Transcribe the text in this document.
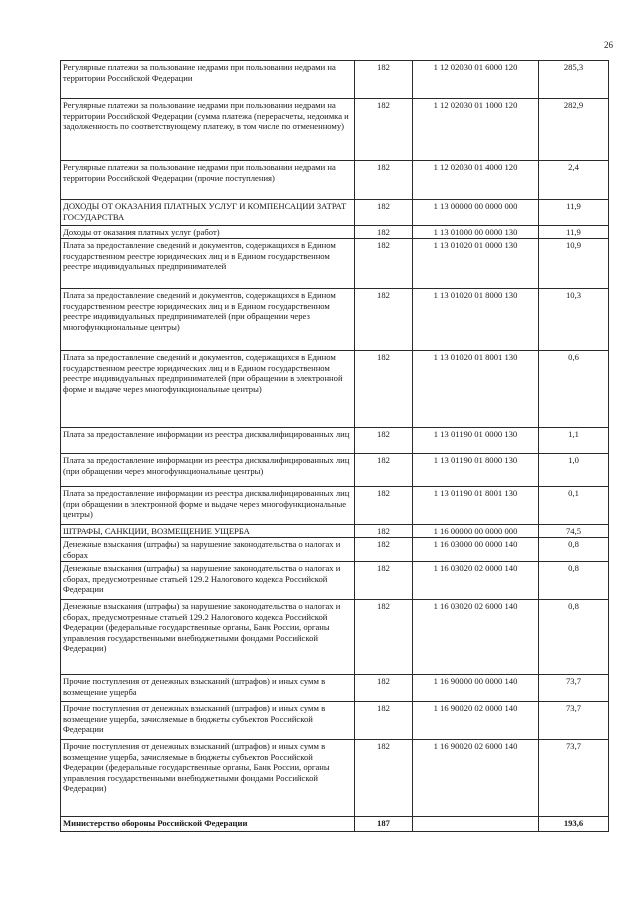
26
Регулярные платежи за пользование недрами при пользовании недрами на территории Российской Федерации	182	1 12 02030 01 6000 120	285,3
Регулярные платежи за пользование недрами при пользовании недрами на территории Российской Федерации (сумма платежа (перерасчеты, недоимка и задолженность по соответствующему платежу, в том числе по отмененному)	182	1 12 02030 01 1000 120	282,9
Регулярные платежи за пользование недрами при пользовании недрами на территории Российской Федерации (прочие поступления)	182	1 12 02030 01 4000 120	2,4
ДОХОДЫ ОТ ОКАЗАНИЯ ПЛАТНЫХ УСЛУГ И КОМПЕНСАЦИИ ЗАТРАТ ГОСУДАРСТВА	182	1 13 00000 00 0000 000	11,9
Доходы от оказания платных услуг (работ)	182	1 13 01000 00 0000 130	11,9
Плата за предоставление сведений и документов, содержащихся в Едином государственном реестре юридических лиц и в Едином государственном реестре индивидуальных предпринимателей	182	1 13 01020 01 0000 130	10,9
Плата за предоставление сведений и документов, содержащихся в Едином государственном реестре юридических лиц и в Едином государственном реестре индивидуальных предпринимателей (при обращении через многофункциональные центры)	182	1 13 01020 01 8000 130	10,3
Плата за предоставление сведений и документов, содержащихся в Едином государственном реестре юридических лиц и в Едином государственном реестре индивидуальных предпринимателей (при обращении в электронной форме и выдаче через многофункциональные центры)	182	1 13 01020 01 8001 130	0,6
Плата за предоставление информации из реестра дисквалифицированных лиц	182	1 13 01190 01 0000 130	1,1
Плата за предоставление информации из реестра дисквалифицированных лиц (при обращении через многофункциональные центры)	182	1 13 01190 01 8000 130	1,0
Плата за предоставление информации из реестра дисквалифицированных лиц (при обращении в электронной форме и выдаче через многофункциональные центры)	182	1 13 01190 01 8001 130	0,1
ШТРАФЫ, САНКЦИИ, ВОЗМЕЩЕНИЕ УЩЕРБА	182	1 16 00000 00 0000 000	74,5
Денежные взыскания (штрафы) за нарушение законодательства о налогах и сборах	182	1 16 03000 00 0000 140	0,8
Денежные взыскания (штрафы) за нарушение законодательства о налогах и сборах, предусмотренные статьей 129.2 Налогового кодекса Российской Федерации	182	1 16 03020 02 0000 140	0,8
Денежные взыскания (штрафы) за нарушение законодательства о налогах и сборах, предусмотренные статьей 129.2 Налогового кодекса Российской Федерации (федеральные государственные органы, Банк России, органы управления государственными внебюджетными фондами Российской Федерации)	182	1 16 03020 02 6000 140	0,8
Прочие поступления от денежных взысканий (штрафов) и иных сумм в возмещение ущерба	182	1 16 90000 00 0000 140	73,7
Прочие поступления от денежных взысканий (штрафов) и иных сумм в возмещение ущерба, зачисляемые в бюджеты субъектов Российской Федерации	182	1 16 90020 02 0000 140	73,7
Прочие поступления от денежных взысканий (штрафов) и иных сумм в возмещение ущерба, зачисляемые в бюджеты субъектов Российской Федерации (федеральные государственные органы, Банк России, органы управления государственными внебюджетными фондами Российской Федерации)	182	1 16 90020 02 6000 140	73,7
Министерство обороны Российской Федерации	187		193,6
